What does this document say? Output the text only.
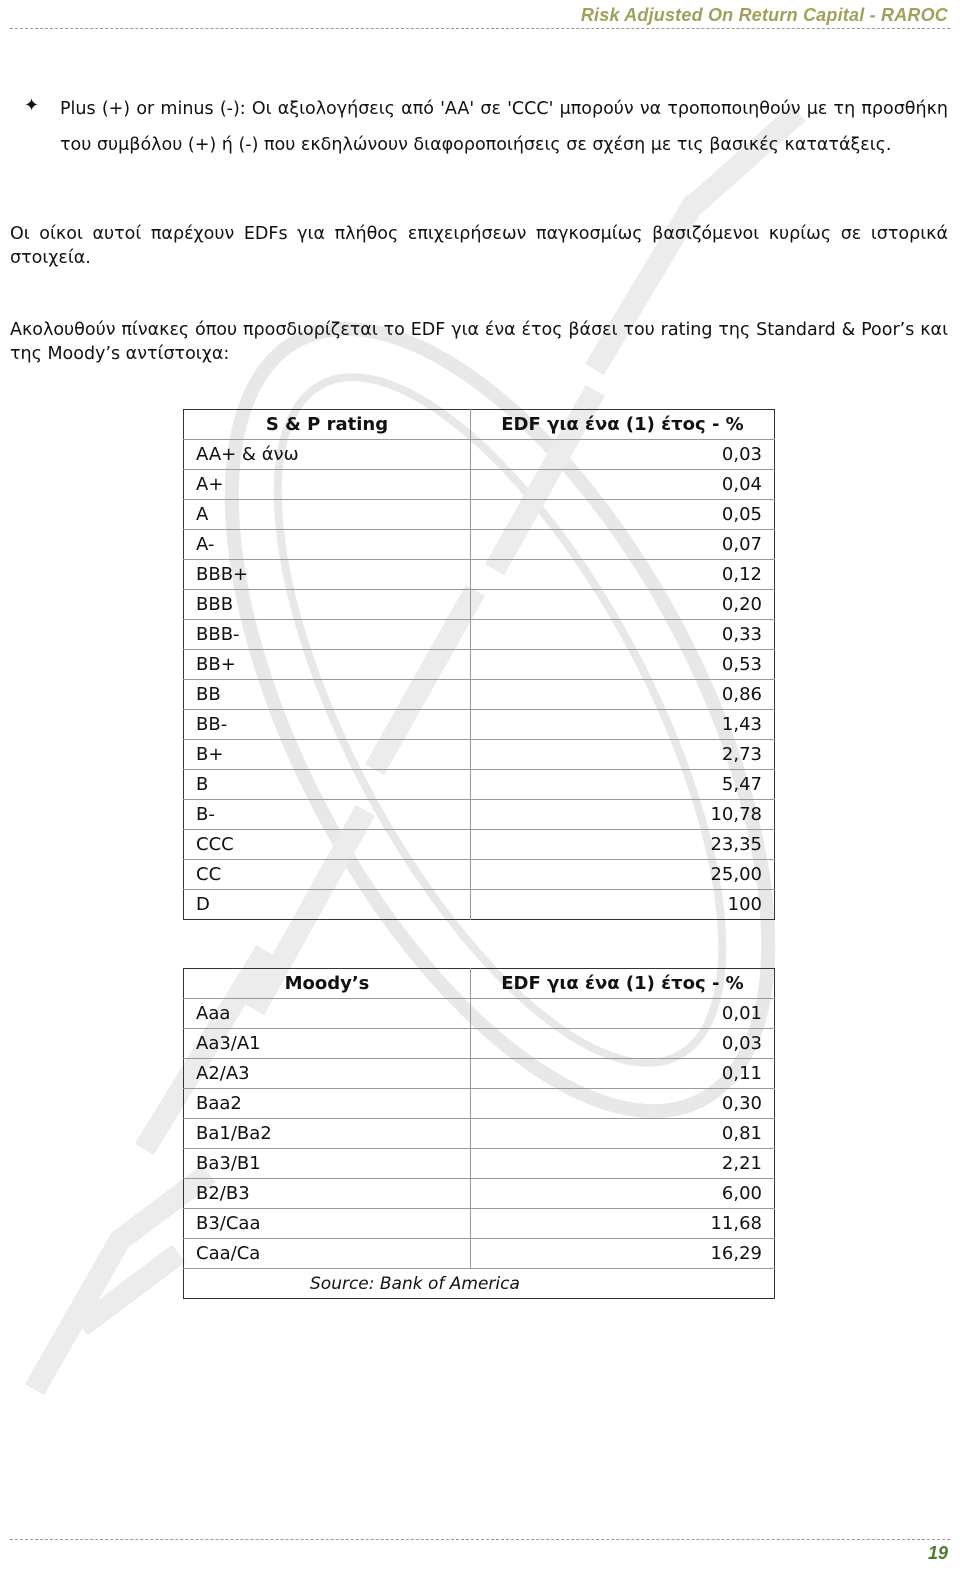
Risk Adjusted On Return Capital - RAROC
✦ Plus (+) or minus (-): Οι αξιολογήσεις από 'AA' σε 'CCC' μπορούν να τροποποιηθούν με τη προσθήκη του συμβόλου (+) ή (-) που εκδηλώνουν διαφοροποιήσεις σε σχέση με τις βασικές κατατάξεις.

Οι οίκοι αυτοί παρέχουν EDFs για πλήθος επιχειρήσεων παγκοσμίως βασιζόμενοι κυρίως σε ιστορικά στοιχεία.

Ακολουθούν πίνακες όπου προσδιορίζεται το EDF για ένα έτος βάσει του rating της Standard & Poor’s και της Moody’s αντίστοιχα:

S & P rating	EDF για ένα (1) έτος - %
AA+ & άνω	0,03
A+	0,04
A	0,05
A-	0,07
BBB+	0,12
BBB	0,20
BBB-	0,33
BB+	0,53
BB	0,86
BB-	1,43
B+	2,73
B	5,47
B-	10,78
CCC	23,35
CC	25,00
D	100
Moody’s	EDF για ένα (1) έτος - %
Aaa	0,01
Aa3/A1	0,03
A2/A3	0,11
Baa2	0,30
Ba1/Ba2	0,81
Ba3/B1	2,21
B2/B3	6,00
B3/Caa	11,68
Caa/Ca	16,29
Source: Bank of America	
19
